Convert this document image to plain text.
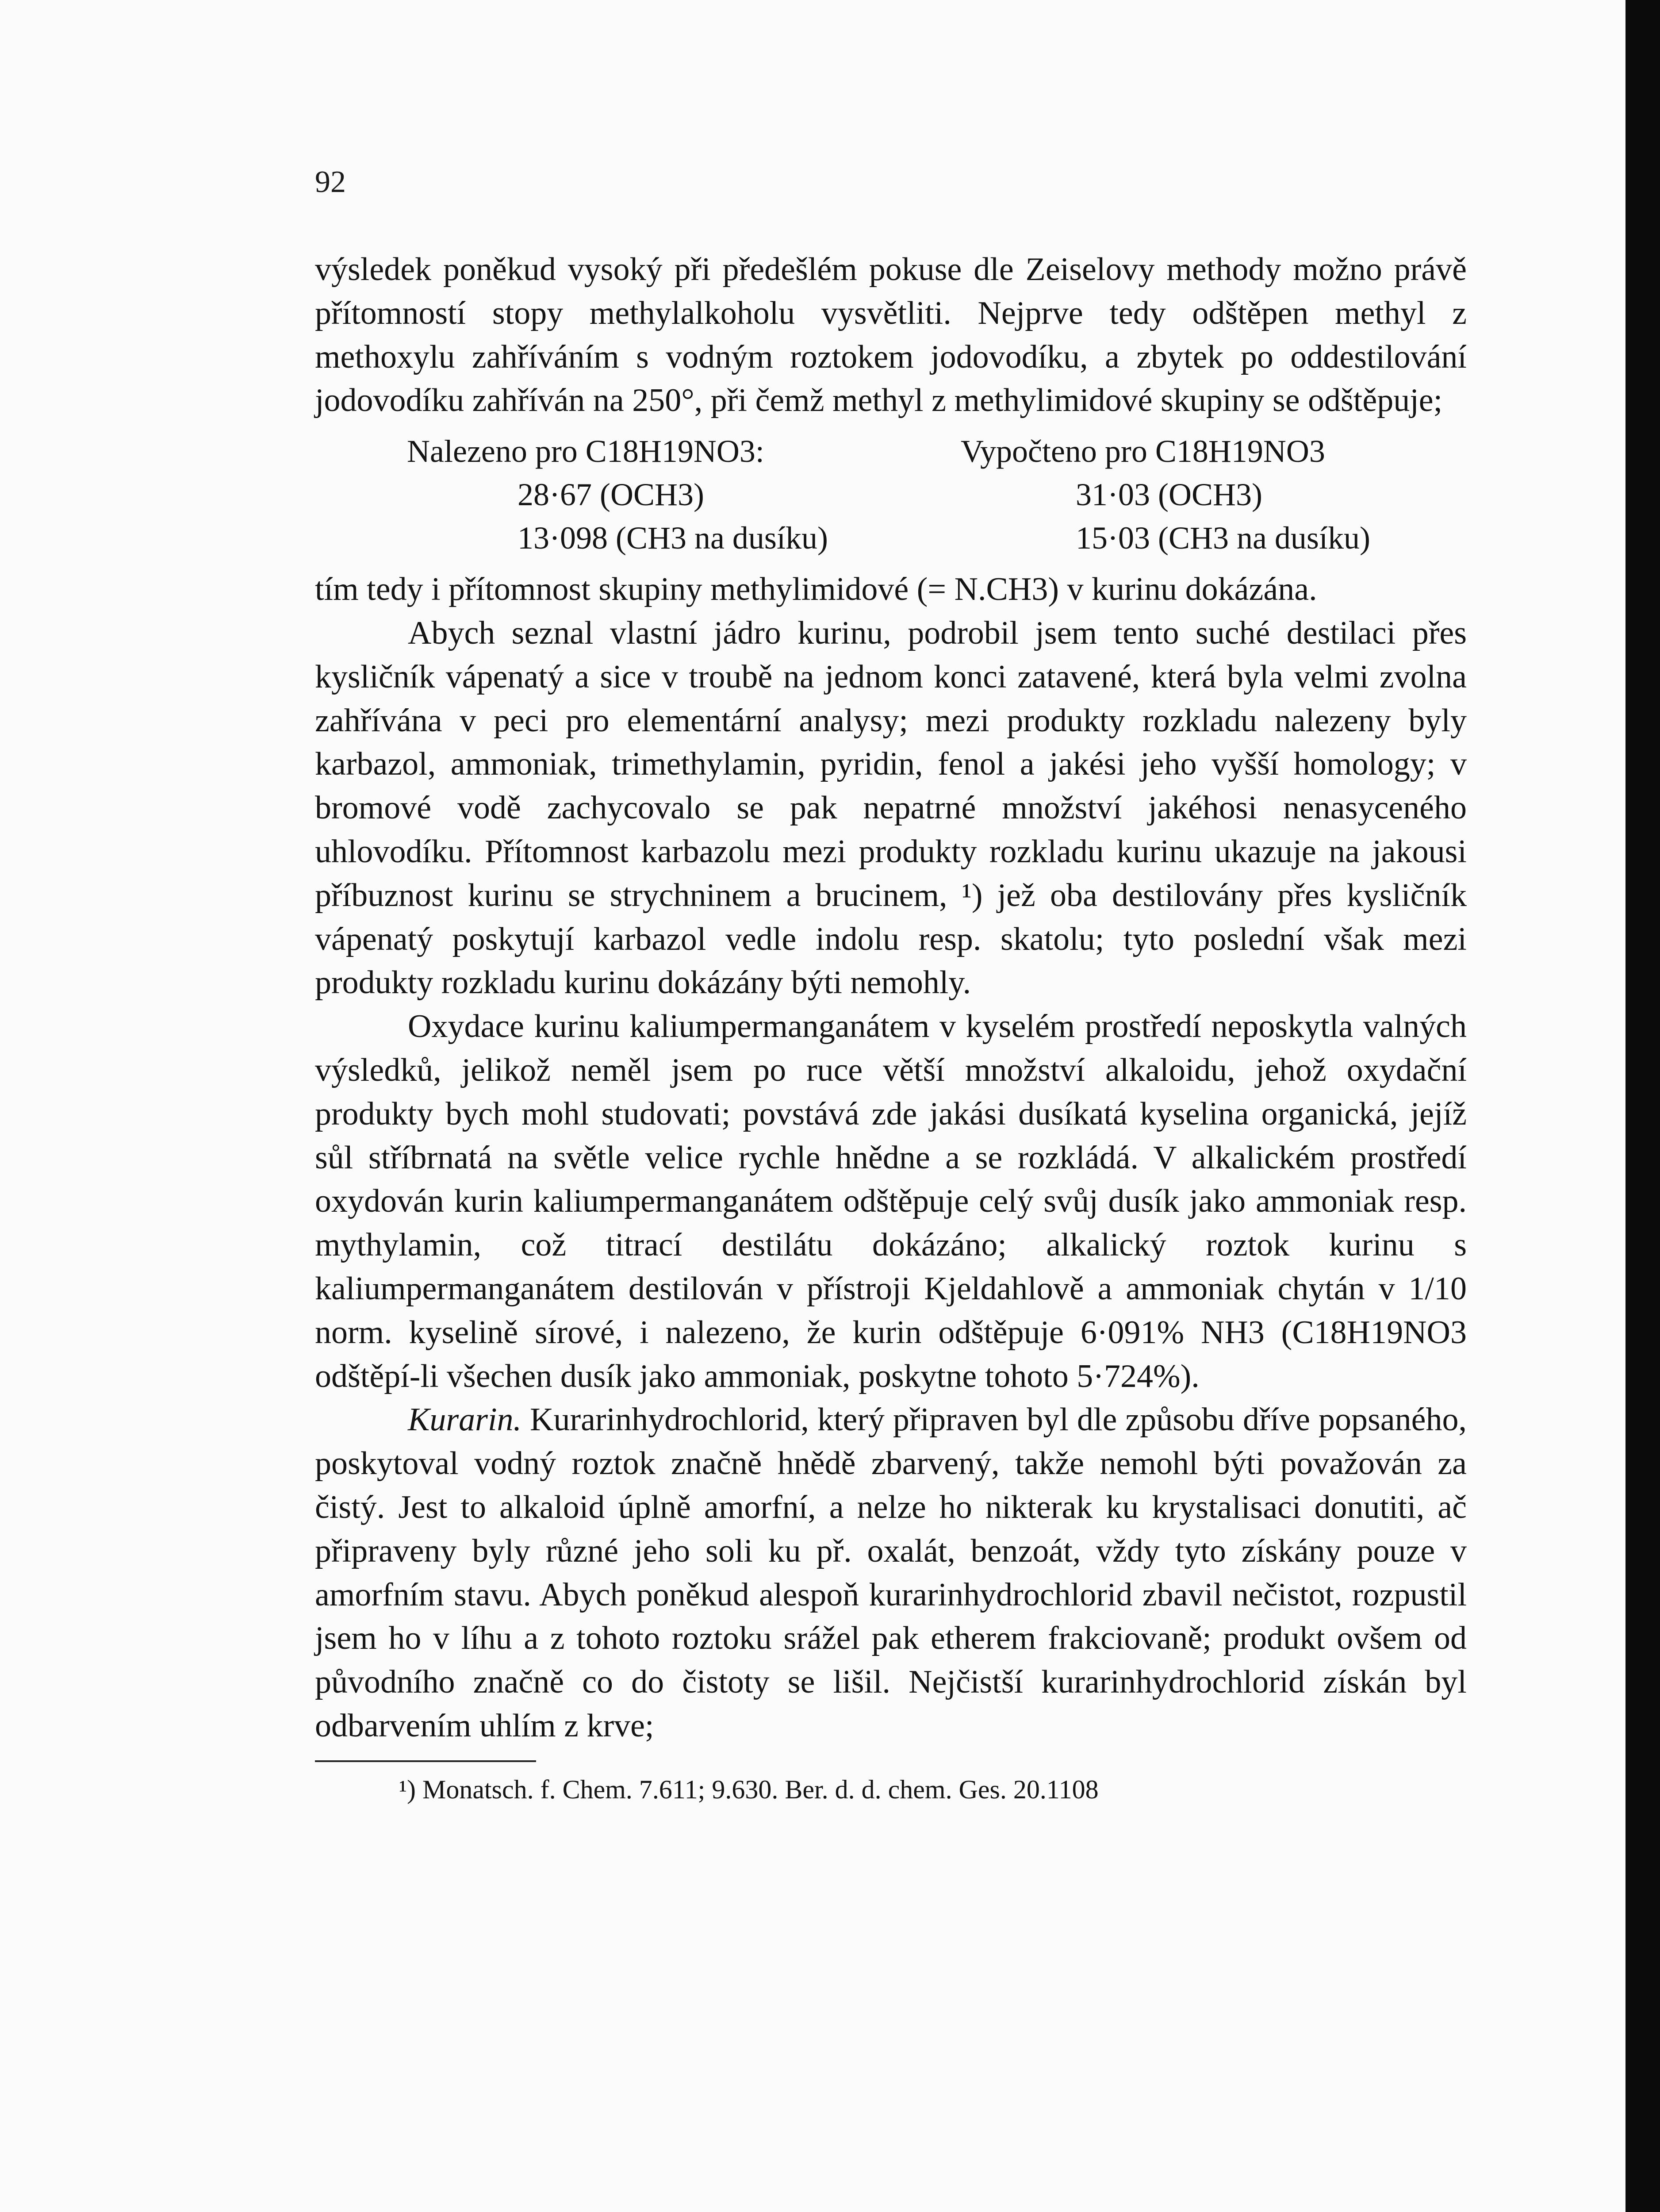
92

výsledek poněkud vysoký při předešlém pokuse dle Zeiselovy methody možno právě přítomností stopy methylalkoholu vysvětliti. Nejprve tedy odštěpen methyl z methoxylu zahříváním s vodným roztokem jodovodíku, a zbytek po oddestilování jodovodíku zahříván na 250°, při čemž methyl z methylimidové skupiny se odštěpuje;

Nalezeno pro C18H19NO3:
28·67 (OCH3)
13·098 (CH3 na dusíku)
Vypočteno pro C18H19NO3
31·03 (OCH3)
15·03 (CH3 na dusíku)

tím tedy i přítomnost skupiny methylimidové (= N.CH3) v kurinu dokázána.

Abych seznal vlastní jádro kurinu, podrobil jsem tento suché destilaci přes kysličník vápenatý a sice v troubě na jednom konci zatavené, která byla velmi zvolna zahřívána v peci pro elementární analysy; mezi produkty rozkladu nalezeny byly karbazol, ammoniak, trimethylamin, pyridin, fenol a jakési jeho vyšší homology; v bromové vodě zachycovalo se pak nepatrné množství jakéhosi nenasyceného uhlovodíku. Přítomnost karbazolu mezi produkty rozkladu kurinu ukazuje na jakousi příbuznost kurinu se strychninem a brucinem, ¹) jež oba destilovány přes kysličník vápenatý poskytují karbazol vedle indolu resp. skatolu; tyto poslední však mezi produkty rozkladu kurinu dokázány býti nemohly.

Oxydace kurinu kaliumpermanganátem v kyselém prostředí neposkytla valných výsledků, jelikož neměl jsem po ruce větší množství alkaloidu, jehož oxydační produkty bych mohl studovati; povstává zde jakási dusíkatá kyselina organická, jejíž sůl stříbrnatá na světle velice rychle hnědne a se rozkládá. V alkalickém prostředí oxydován kurin kaliumpermanganátem odštěpuje celý svůj dusík jako ammoniak resp. mythylamin, což titrací destilátu dokázáno; alkalický roztok kurinu s kaliumpermanganátem destilován v přístroji Kjeldahlově a ammoniak chytán v 1/10 norm. kyselině sírové, i nalezeno, že kurin odštěpuje 6·091% NH3 (C18H19NO3 odštěpí-li všechen dusík jako ammoniak, poskytne tohoto 5·724%).

Kurarin. Kurarinhydrochlorid, který připraven byl dle způsobu dříve popsaného, poskytoval vodný roztok značně hnědě zbarvený, takže nemohl býti považován za čistý. Jest to alkaloid úplně amorfní, a nelze ho nikterak ku krystalisaci donutiti, ač připraveny byly různé jeho soli ku př. oxalát, benzoát, vždy tyto získány pouze v amorfním stavu. Abych poněkud alespoň kurarinhydrochlorid zbavil nečistot, rozpustil jsem ho v líhu a z tohoto roztoku srážel pak etherem frakciovaně; produkt ovšem od původního značně co do čistoty se lišil. Nejčistší kurarinhydrochlorid získán byl odbarvením uhlím z krve;

¹) Monatsch. f. Chem. 7.611; 9.630. Ber. d. d. chem. Ges. 20.1108
